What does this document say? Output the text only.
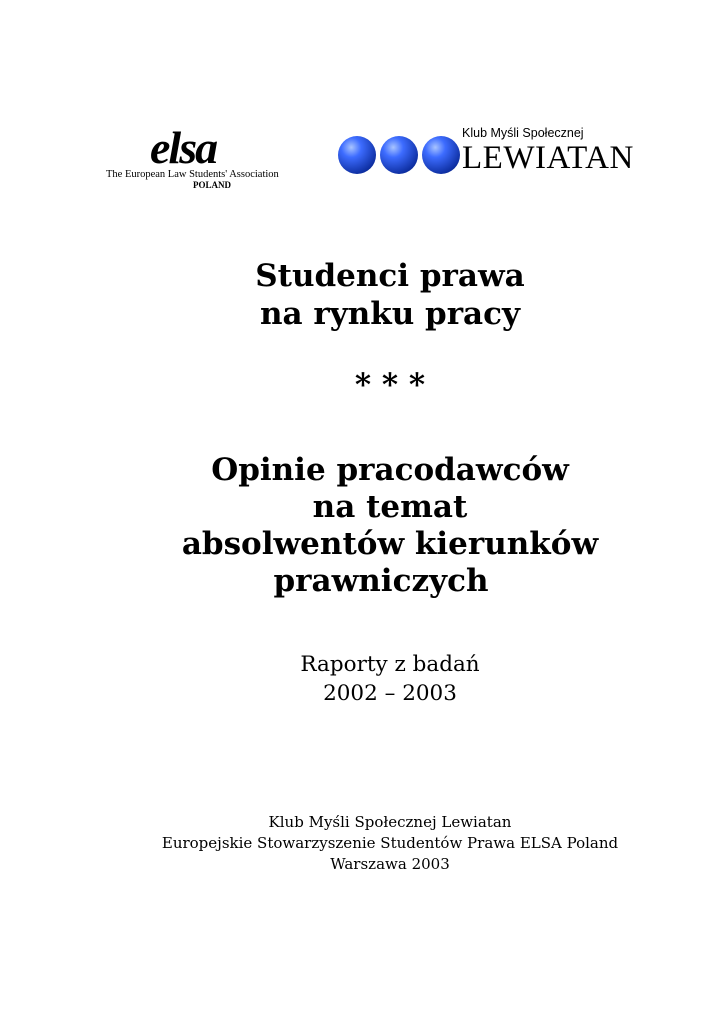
elsa
The European Law Students' Association
POLAND
Klub Myśli Społecznej
LEWIATAN

Studenci prawa
na rynku pracy

* * *

Opinie pracodawców
na temat
absolwentów kierunków
prawniczych

Raporty z badań
2002 – 2003
Klub Myśli Społecznej Lewiatan
Europejskie Stowarzyszenie Studentów Prawa ELSA Poland
Warszawa 2003
